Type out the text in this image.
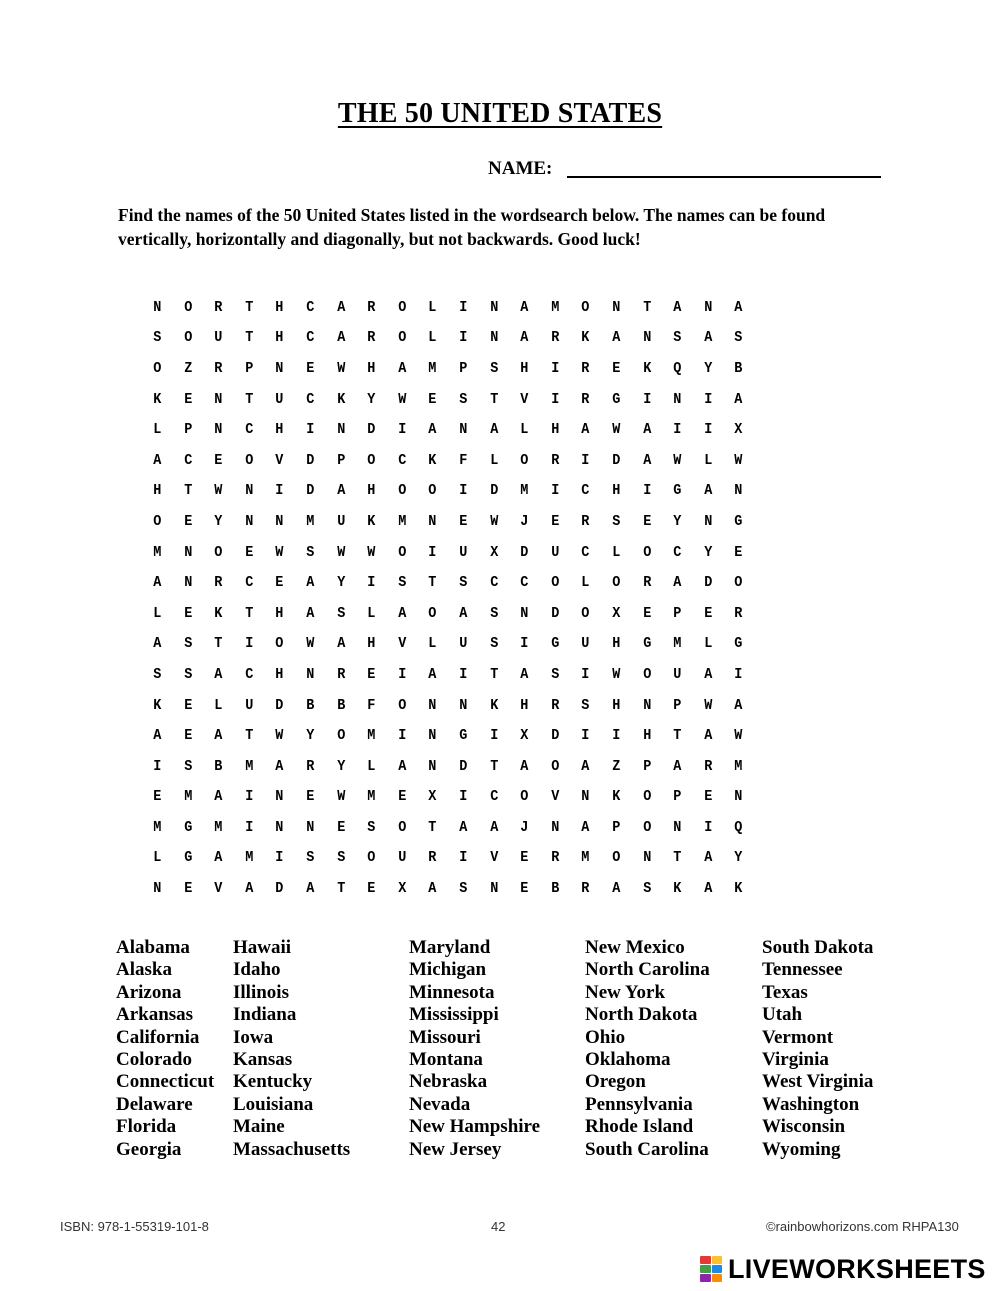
THE 50 UNITED STATES
NAME:
Find the names of the 50 United States listed in the wordsearch below. The names can be found vertically, horizontally and diagonally, but not backwards. Good luck!
N	O	R	T	H	C	A	R	O	L	I	N	A	M	O	N	T	A	N	A
S	O	U	T	H	C	A	R	O	L	I	N	A	R	K	A	N	S	A	S
O	Z	R	P	N	E	W	H	A	M	P	S	H	I	R	E	K	Q	Y	B
K	E	N	T	U	C	K	Y	W	E	S	T	V	I	R	G	I	N	I	A
L	P	N	C	H	I	N	D	I	A	N	A	L	H	A	W	A	I	I	X
A	C	E	O	V	D	P	O	C	K	F	L	O	R	I	D	A	W	L	W
H	T	W	N	I	D	A	H	O	O	I	D	M	I	C	H	I	G	A	N
O	E	Y	N	N	M	U	K	M	N	E	W	J	E	R	S	E	Y	N	G
M	N	O	E	W	S	W	W	O	I	U	X	D	U	C	L	O	C	Y	E
A	N	R	C	E	A	Y	I	S	T	S	C	C	O	L	O	R	A	D	O
L	E	K	T	H	A	S	L	A	O	A	S	N	D	O	X	E	P	E	R
A	S	T	I	O	W	A	H	V	L	U	S	I	G	U	H	G	M	L	G
S	S	A	C	H	N	R	E	I	A	I	T	A	S	I	W	O	U	A	I
K	E	L	U	D	B	B	F	O	N	N	K	H	R	S	H	N	P	W	A
A	E	A	T	W	Y	O	M	I	N	G	I	X	D	I	I	H	T	A	W
I	S	B	M	A	R	Y	L	A	N	D	T	A	O	A	Z	P	A	R	M
E	M	A	I	N	E	W	M	E	X	I	C	O	V	N	K	O	P	E	N
M	G	M	I	N	N	E	S	O	T	A	A	J	N	A	P	O	N	I	Q
L	G	A	M	I	S	S	O	U	R	I	V	E	R	M	O	N	T	A	Y
N	E	V	A	D	A	T	E	X	A	S	N	E	B	R	A	S	K	A	K
Alabama
Alaska
Arizona
Arkansas
California
Colorado
Connecticut
Delaware
Florida
Georgia
Hawaii
Idaho
Illinois
Indiana
Iowa
Kansas
Kentucky
Louisiana
Maine
Massachusetts
Maryland
Michigan
Minnesota
Mississippi
Missouri
Montana
Nebraska
Nevada
New Hampshire
New Jersey
New Mexico
North Carolina
New York
North Dakota
Ohio
Oklahoma
Oregon
Pennsylvania
Rhode Island
South Carolina
South Dakota
Tennessee
Texas
Utah
Vermont
Virginia
West Virginia
Washington
Wisconsin
Wyoming
ISBN: 978-1-55319-101-8	42	©rainbowhorizons.com RHPA130
LIVEWORKSHEETS
